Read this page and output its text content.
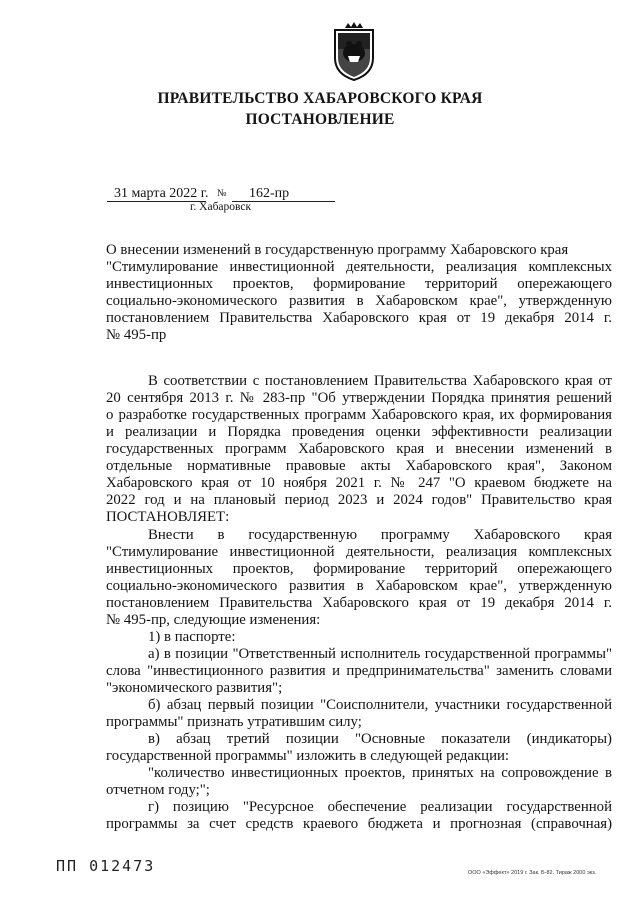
ПРАВИТЕЛЬСТВО ХАБАРОВСКОГО КРАЯ
ПОСТАНОВЛЕНИЕ
31 марта 2022 г. № 162-пр
г. Хабаровск
О внесении изменений в государственную программу Хабаровского края
"Стимулирование инвестиционной деятельности, реализация комплексных
инвестиционных проектов, формирование территорий опережающего
социально-экономического развития в Хабаровском крае", утвержденную
постановлением Правительства Хабаровского края от 19 декабря 2014 г.
№ 495-пр
В соответствии с постановлением Правительства Хабаровского края от
20 сентября 2013 г. № 283-пр "Об утверждении Порядка принятия решений
о разработке государственных программ Хабаровского края, их формирования
и реализации и Порядка проведения оценки эффективности реализации
государственных программ Хабаровского края и внесении изменений в
отдельные нормативные правовые акты Хабаровского края", Законом
Хабаровского края от 10 ноября 2021 г. № 247 "О краевом бюджете на
2022 год и на плановый период 2023 и 2024 годов" Правительство края
ПОСТАНОВЛЯЕТ:
Внести в государственную программу Хабаровского края
"Стимулирование инвестиционной деятельности, реализация комплексных
инвестиционных проектов, формирование территорий опережающего
социально-экономического развития в Хабаровском крае", утвержденную
постановлением Правительства Хабаровского края от 19 декабря 2014 г.
№ 495-пр, следующие изменения:
1) в паспорте:
а) в позиции "Ответственный исполнитель государственной программы"
слова "инвестиционного развития и предпринимательства" заменить словами
"экономического развития";
б) абзац первый позиции "Соисполнители, участники государственной
программы" признать утратившим силу;
в) абзац третий позиции "Основные показатели (индикаторы)
государственной программы" изложить в следующей редакции:
"количество инвестиционных проектов, принятых на сопровождение в
отчетном году;";
г) позицию "Ресурсное обеспечение реализации государственной
программы за счет средств краевого бюджета и прогнозная (справочная)
ПП 012473	ООО «Эффект» 2019 г. Зак. Б-82. Тираж 2000 экз.
